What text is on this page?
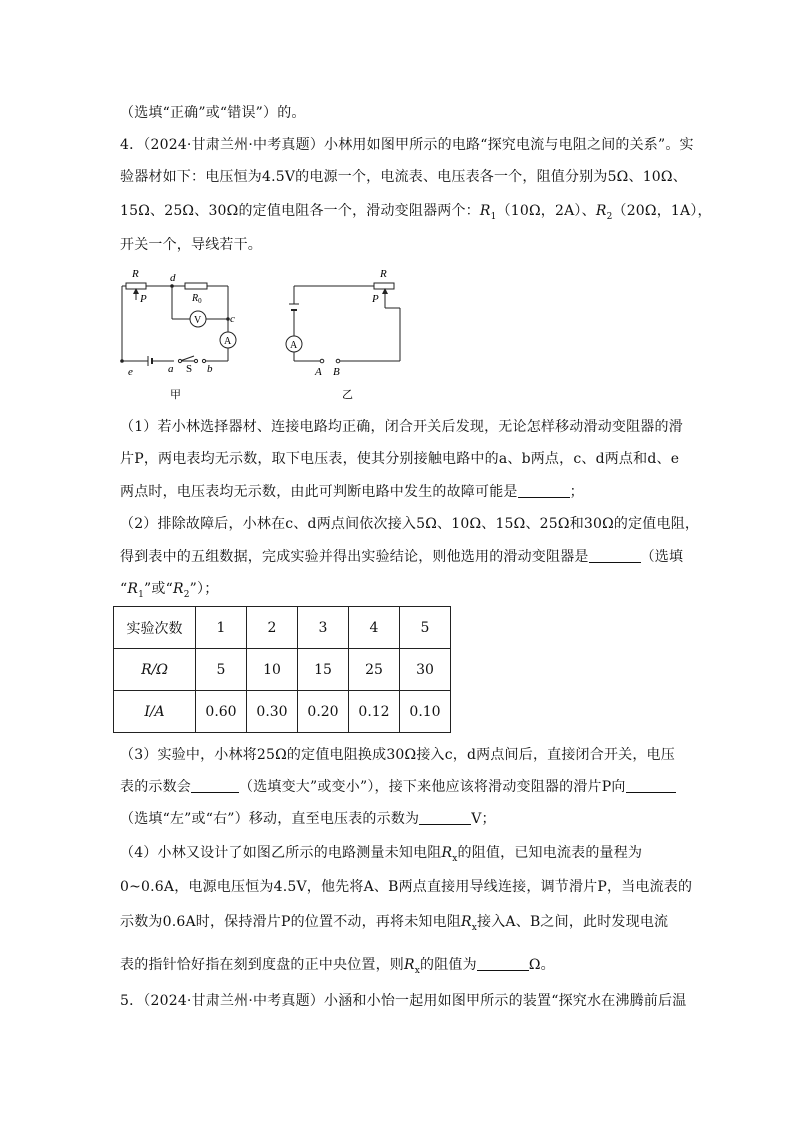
（选填“正确”或“错误”）的。
4．（2024·甘肃兰州·中考真题）小林用如图甲所示的电路“探究电流与电阻之间的关系”。实
验器材如下：电压恒为4.5V的电源一个，电流表、电压表各一个，阻值分别为5Ω、10Ω、
15Ω、25Ω、30Ω的定值电阻各一个，滑动变阻器两个：$R_1(10\Omega$，2A）、$R_2(20\Omega$，1A），
开关一个，导线若干。
R
P
d
$R_0$
V	c
A
e	a S b
甲
R
P
A
A B
乙
（1）若小林选择器材、连接电路均正确，闭合开关后发现，无论怎样移动滑动变阻器的滑
片P，两电表均无示数，取下电压表，使其分别接触电路中的a、b两点，c、d两点和d、e
两点时，电压表均无示数，由此可判断电路中发生的故障可能是	；
（2）排除故障后，小林在c、d两点间依次接入5Ω、10Ω、15Ω、25Ω和30Ω的定值电阻，
得到表中的五组数据，完成实验并得出实验结论，则他选用的滑动变阻器是	（选填
“$R_1$”或“$R_2$”）；
实验次数	1	2	3	4	5
R/Ω	5	10	15	25	30
I/A	0.60	0.30	0.20	0.12	0.10
（3）实验中，小林将25Ω的定值电阻换成30Ω接入c，d两点间后，直接闭合开关，电压
表的示数会	（选填变大”或变小”），接下来他应该将滑动变阻器的滑片P向
（选填“左”或“右”）移动，直至电压表的示数为	V；
（4）小林又设计了如图乙所示的电路测量未知电阻$R_x$的阻值，已知电流表的量程为
0~0.6A，电源电压恒为4.5V，他先将A、B两点直接用导线连接，调节滑片P，当电流表的
示数为0.6A时，保持滑片P的位置不动，再将未知电阻$R_x$接入A、B之间，此时发现电流
表的指针恰好指在刻到度盘的正中央位置，则$R_x$的阻值为	Ω。
5．（2024·甘肃兰州·中考真题）小涵和小怡一起用如图甲所示的装置“探究水在沸腾前后温
